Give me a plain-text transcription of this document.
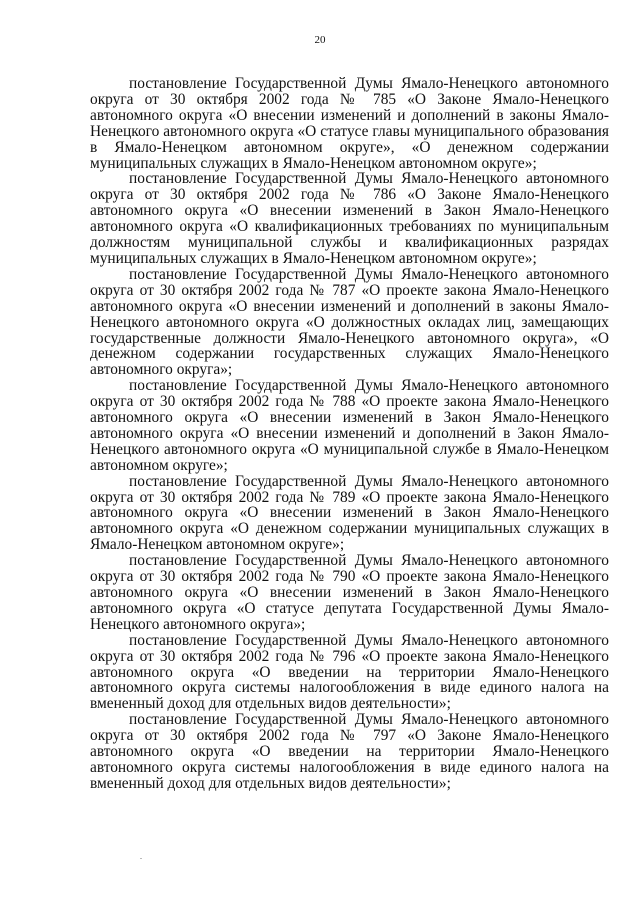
20

постановление Государственной Думы Ямало-Ненецкого автономного округа от 30 октября 2002 года № 785 «О Законе Ямало-Ненецкого автономного округа «О внесении изменений и дополнений в законы Ямало-Ненецкого автономного округа «О статусе главы муниципального образования в Ямало-Ненецком автономном округе», «О денежном содержании муниципальных служащих в Ямало-Ненецком автономном округе»;

постановление Государственной Думы Ямало-Ненецкого автономного округа от 30 октября 2002 года № 786 «О Законе Ямало-Ненецкого автономного округа «О внесении изменений в Закон Ямало-Ненецкого автономного округа «О квалификационных требованиях по муниципальным должностям муниципальной службы и квалификационных разрядах муниципальных служащих в Ямало-Ненецком автономном округе»;

постановление Государственной Думы Ямало-Ненецкого автономного округа от 30 октября 2002 года № 787 «О проекте закона Ямало-Ненецкого автономного округа «О внесении изменений и дополнений в законы Ямало-Ненецкого автономного округа «О должностных окладах лиц, замещающих государственные должности Ямало-Ненецкого автономного округа», «О денежном содержании государственных служащих Ямало-Ненецкого автономного округа»;

постановление Государственной Думы Ямало-Ненецкого автономного округа от 30 октября 2002 года № 788 «О проекте закона Ямало-Ненецкого автономного округа «О внесении изменений в Закон Ямало-Ненецкого автономного округа «О внесении изменений и дополнений в Закон Ямало-Ненецкого автономного округа «О муниципальной службе в Ямало-Ненецком автономном округе»;

постановление Государственной Думы Ямало-Ненецкого автономного округа от 30 октября 2002 года № 789 «О проекте закона Ямало-Ненецкого автономного округа «О внесении изменений в Закон Ямало-Ненецкого автономного округа «О денежном содержании муниципальных служащих в Ямало-Ненецком автономном округе»;

постановление Государственной Думы Ямало-Ненецкого автономного округа от 30 октября 2002 года № 790 «О проекте закона Ямало-Ненецкого автономного округа «О внесении изменений в Закон Ямало-Ненецкого автономного округа «О статусе депутата Государственной Думы Ямало-Ненецкого автономного округа»;

постановление Государственной Думы Ямало-Ненецкого автономного округа от 30 октября 2002 года № 796 «О проекте закона Ямало-Ненецкого автономного округа «О введении на территории Ямало-Ненецкого автономного округа системы налогообложения в виде единого налога на вмененный доход для отдельных видов деятельности»;

постановление Государственной Думы Ямало-Ненецкого автономного округа от 30 октября 2002 года № 797 «О Законе Ямало-Ненецкого автономного округа «О введении на территории Ямало-Ненецкого автономного округа системы налогообложения в виде единого налога на вмененный доход для отдельных видов деятельности»;
